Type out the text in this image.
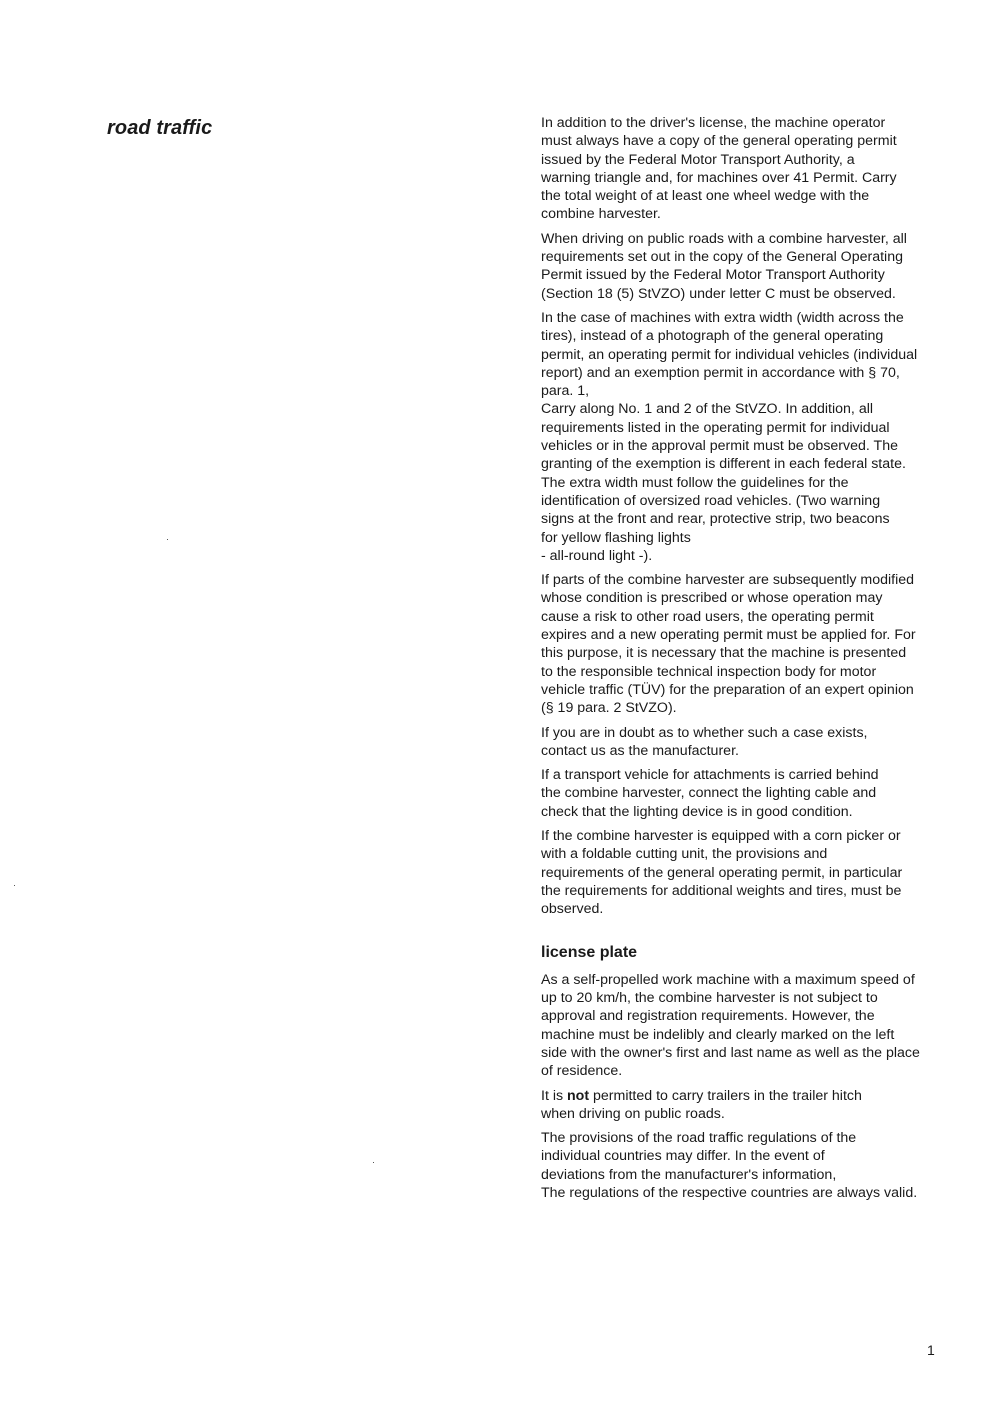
road traffic	In addition to the driver's license, the machine operator
must always have a copy of the general operating permit
issued by the Federal Motor Transport Authority, a
warning triangle and, for machines over 41 Permit. Carry
the total weight of at least one wheel wedge with the
combine harvester.

When driving on public roads with a combine harvester, all
requirements set out in the copy of the General Operating
Permit issued by the Federal Motor Transport Authority
(Section 18 (5) StVZO) under letter C must be observed.

In the case of machines with extra width (width across the
tires), instead of a photograph of the general operating
permit, an operating permit for individual vehicles (individual
report) and an exemption permit in accordance with § 70,
para. 1,
Carry along No. 1 and 2 of the StVZO. In addition, all
requirements listed in the operating permit for individual
vehicles or in the approval permit must be observed. The
granting of the exemption is different in each federal state.
The extra width must follow the guidelines for the
identification of oversized road vehicles. (Two warning
signs at the front and rear, protective strip, two beacons
for yellow flashing lights
- all-round light -).

If parts of the combine harvester are subsequently modified
whose condition is prescribed or whose operation may
cause a risk to other road users, the operating permit
expires and a new operating permit must be applied for. For
this purpose, it is necessary that the machine is presented
to the responsible technical inspection body for motor
vehicle traffic (TÜV) for the preparation of an expert opinion
(§ 19 para. 2 StVZO).

If you are in doubt as to whether such a case exists,
contact us as the manufacturer.

If a transport vehicle for attachments is carried behind
the combine harvester, connect the lighting cable and
check that the lighting device is in good condition.

If the combine harvester is equipped with a corn picker or
with a foldable cutting unit, the provisions and
requirements of the general operating permit, in particular
the requirements for additional weights and tires, must be
observed.

license plate

As a self-propelled work machine with a maximum speed of
up to 20 km/h, the combine harvester is not subject to
approval and registration requirements. However, the
machine must be indelibly and clearly marked on the left
side with the owner's first and last name as well as the place
of residence.

It is not permitted to carry trailers in the trailer hitch
when driving on public roads.

The provisions of the road traffic regulations of the
individual countries may differ. In the event of
deviations from the manufacturer's information,
The regulations of the respective countries are always valid.

1
